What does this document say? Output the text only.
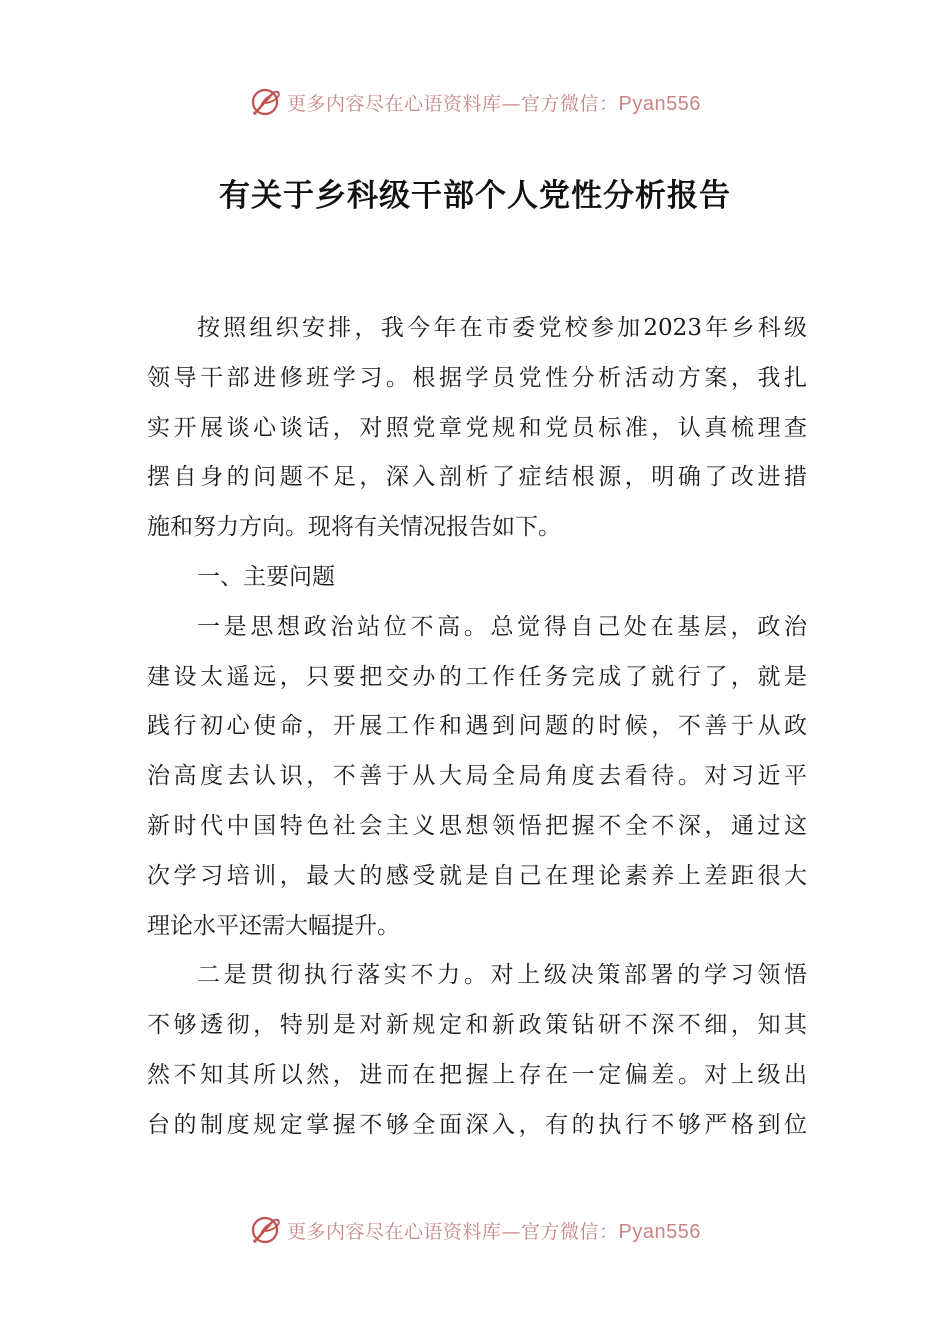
更多内容尽在心语资料库—官方微信：Pyan556
有关于乡科级干部个人党性分析报告
按照组织安排，我今年在市委党校参加2023年乡科级
领导干部进修班学习。根据学员党性分析活动方案，我扎
实开展谈心谈话，对照党章党规和党员标准，认真梳理查
摆自身的问题不足，深入剖析了症结根源，明确了改进措
施和努力方向。现将有关情况报告如下。
一、主要问题
一是思想政治站位不高。总觉得自己处在基层，政治
建设太遥远，只要把交办的工作任务完成了就行了，就是
践行初心使命，开展工作和遇到问题的时候，不善于从政
治高度去认识，不善于从大局全局角度去看待。对习近平
新时代中国特色社会主义思想领悟把握不全不深，通过这
次学习培训，最大的感受就是自己在理论素养上差距很大
理论水平还需大幅提升。
二是贯彻执行落实不力。对上级决策部署的学习领悟
不够透彻，特别是对新规定和新政策钻研不深不细，知其
然不知其所以然，进而在把握上存在一定偏差。对上级出
台的制度规定掌握不够全面深入，有的执行不够严格到位
更多内容尽在心语资料库—官方微信：Pyan556
